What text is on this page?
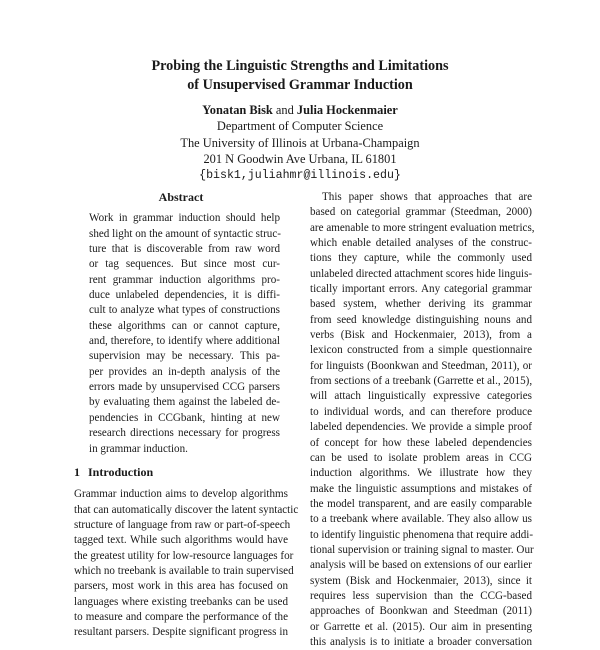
Probing the Linguistic Strengths and Limitations
of Unsupervised Grammar Induction
Yonatan Bisk and Julia Hockenmaier
Department of Computer Science
The University of Illinois at Urbana-Champaign
201 N Goodwin Ave Urbana, IL 61801
{bisk1,juliahmr@illinois.edu}
Abstract
Work in grammar induction should help
shed light on the amount of syntactic struc-
ture that is discoverable from raw word
or tag sequences. But since most cur-
rent grammar induction algorithms pro-
duce unlabeled dependencies, it is diffi-
cult to analyze what types of constructions
these algorithms can or cannot capture,
and, therefore, to identify where additional
supervision may be necessary. This pa-
per provides an in-depth analysis of the
errors made by unsupervised CCG parsers
by evaluating them against the labeled de-
pendencies in CCGbank, hinting at new
research directions necessary for progress
in grammar induction.
1 Introduction
Grammar induction aims to develop algorithms
that can automatically discover the latent syntactic
structure of language from raw or part-of-speech
tagged text. While such algorithms would have
the greatest utility for low-resource languages for
which no treebank is available to train supervised
parsers, most work in this area has focused on
languages where existing treebanks can be used
to measure and compare the performance of the
resultant parsers. Despite significant progress in
This paper shows that approaches that are
based on categorial grammar (Steedman, 2000)
are amenable to more stringent evaluation metrics,
which enable detailed analyses of the construc-
tions they capture, while the commonly used
unlabeled directed attachment scores hide linguis-
tically important errors. Any categorial grammar
based system, whether deriving its grammar
from seed knowledge distinguishing nouns and
verbs (Bisk and Hockenmaier, 2013), from a
lexicon constructed from a simple questionnaire
for linguists (Boonkwan and Steedman, 2011), or
from sections of a treebank (Garrette et al., 2015),
will attach linguistically expressive categories
to individual words, and can therefore produce
labeled dependencies. We provide a simple proof
of concept for how these labeled dependencies
can be used to isolate problem areas in CCG
induction algorithms. We illustrate how they
make the linguistic assumptions and mistakes of
the model transparent, and are easily comparable
to a treebank where available. They also allow us
to identify linguistic phenomena that require addi-
tional supervision or training signal to master. Our
analysis will be based on extensions of our earlier
system (Bisk and Hockenmaier, 2013), since it
requires less supervision than the CCG-based
approaches of Boonkwan and Steedman (2011)
or Garrette et al. (2015). Our aim in presenting
this analysis is to initiate a broader conversation
